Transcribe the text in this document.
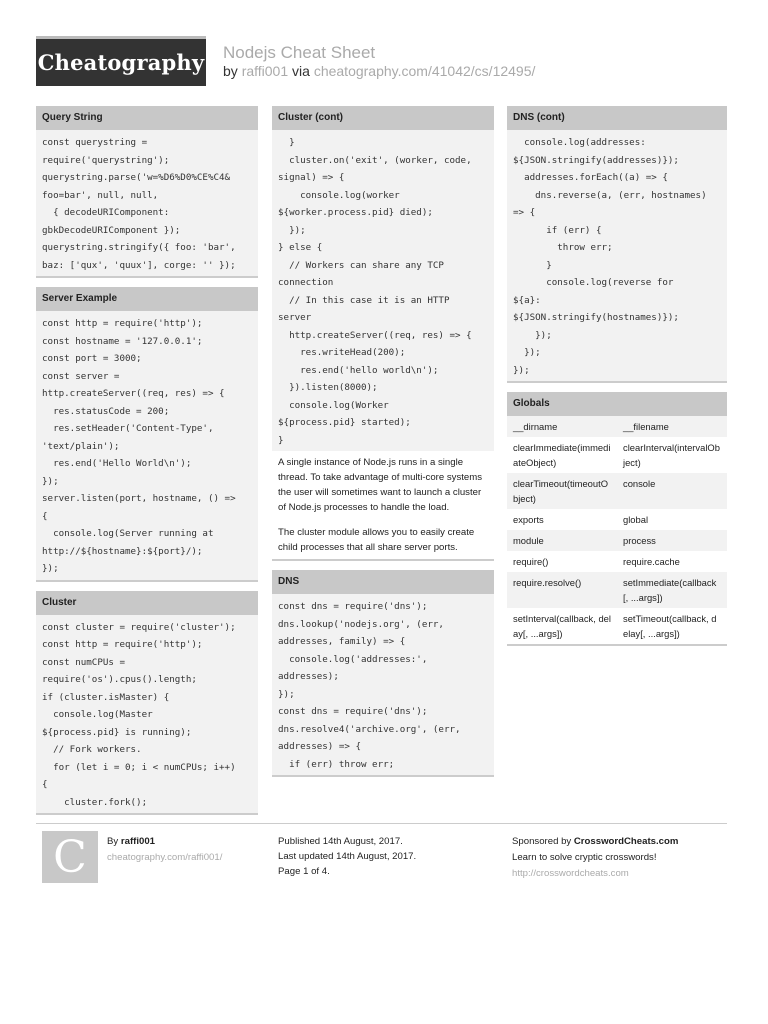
Cheatography Nodejs Cheat Sheet
by raffi001 via cheatography.com/41042/cs/12495/
Query String
const querystring =
require('querystring');
querystring.parse('w=%D6%D0%CE%C4&
foo=bar', null, null,
{ decodeURIComponent:
gbkDecodeURIComponent });
querystring.stringify({ foo: 'bar',
baz: ['qux', 'quux'], corge: '' });
Server Example
const http = require('http');
const hostname = '127.0.0.1';
const port = 3000;
const server =
http.createServer((req, res) => {
res.statusCode = 200;
res.setHeader('Content-Type',
'text/plain');
res.end('Hello World\n');
});
server.listen(port, hostname, () =>
{
console.log(Server running at
http://${hostname}:${port}/);
});
Cluster
const cluster = require('cluster');
const http = require('http');
const numCPUs =
require('os').cpus().length;
if (cluster.isMaster) {
console.log(Master
${process.pid} is running);
// Fork workers.
for (let i = 0; i < numCPUs; i++)
{
cluster.fork();
Cluster (cont)
}
cluster.on('exit', (worker, code,
signal) => {
console.log(worker
${worker.process.pid} died);
});
} else {
// Workers can share any TCP
connection
// In this case it is an HTTP
server
http.createServer((req, res) => {
res.writeHead(200);
res.end('hello world\n');
}).listen(8000);
console.log(Worker
${process.pid} started);
}

A single instance of Node.js runs in a single thread. To take advantage of multi-core systems the user will sometimes want to launch a cluster of Node.js processes to handle the load.

The cluster module allows you to easily create child processes that all share server ports.

DNS
const dns = require('dns');
dns.lookup('nodejs.org', (err,
addresses, family) => {
console.log('addresses:',
addresses);
});
const dns = require('dns');
dns.resolve4('archive.org', (err,
addresses) => {
if (err) throw err;
DNS (cont)
console.log(addresses:
${JSON.stringify(addresses)});
addresses.forEach((a) => {
dns.reverse(a, (err, hostnames)
=> {
if (err) {
throw err;
}
console.log(reverse for
${a}:
${JSON.stringify(hostnames)});
});
});
});
Globals
__dirname	__filename
clearImmediate(immediateObject)	clearInterval(intervalObject)
clearTimeout(timeoutObject)	console
exports	global
module	process
require()	require.cache
require.resolve()	setImmediate(callback[, ...args])
setInterval(callback, delay[, ...args])	setTimeout(callback, delay[, ...args])
C	By raffi001
cheatography.com/raffi001/
Published 14th August, 2017.
Last updated 14th August, 2017.
Page 1 of 4.
Sponsored by CrosswordCheats.com
Learn to solve cryptic crosswords!
http://crosswordcheats.com
